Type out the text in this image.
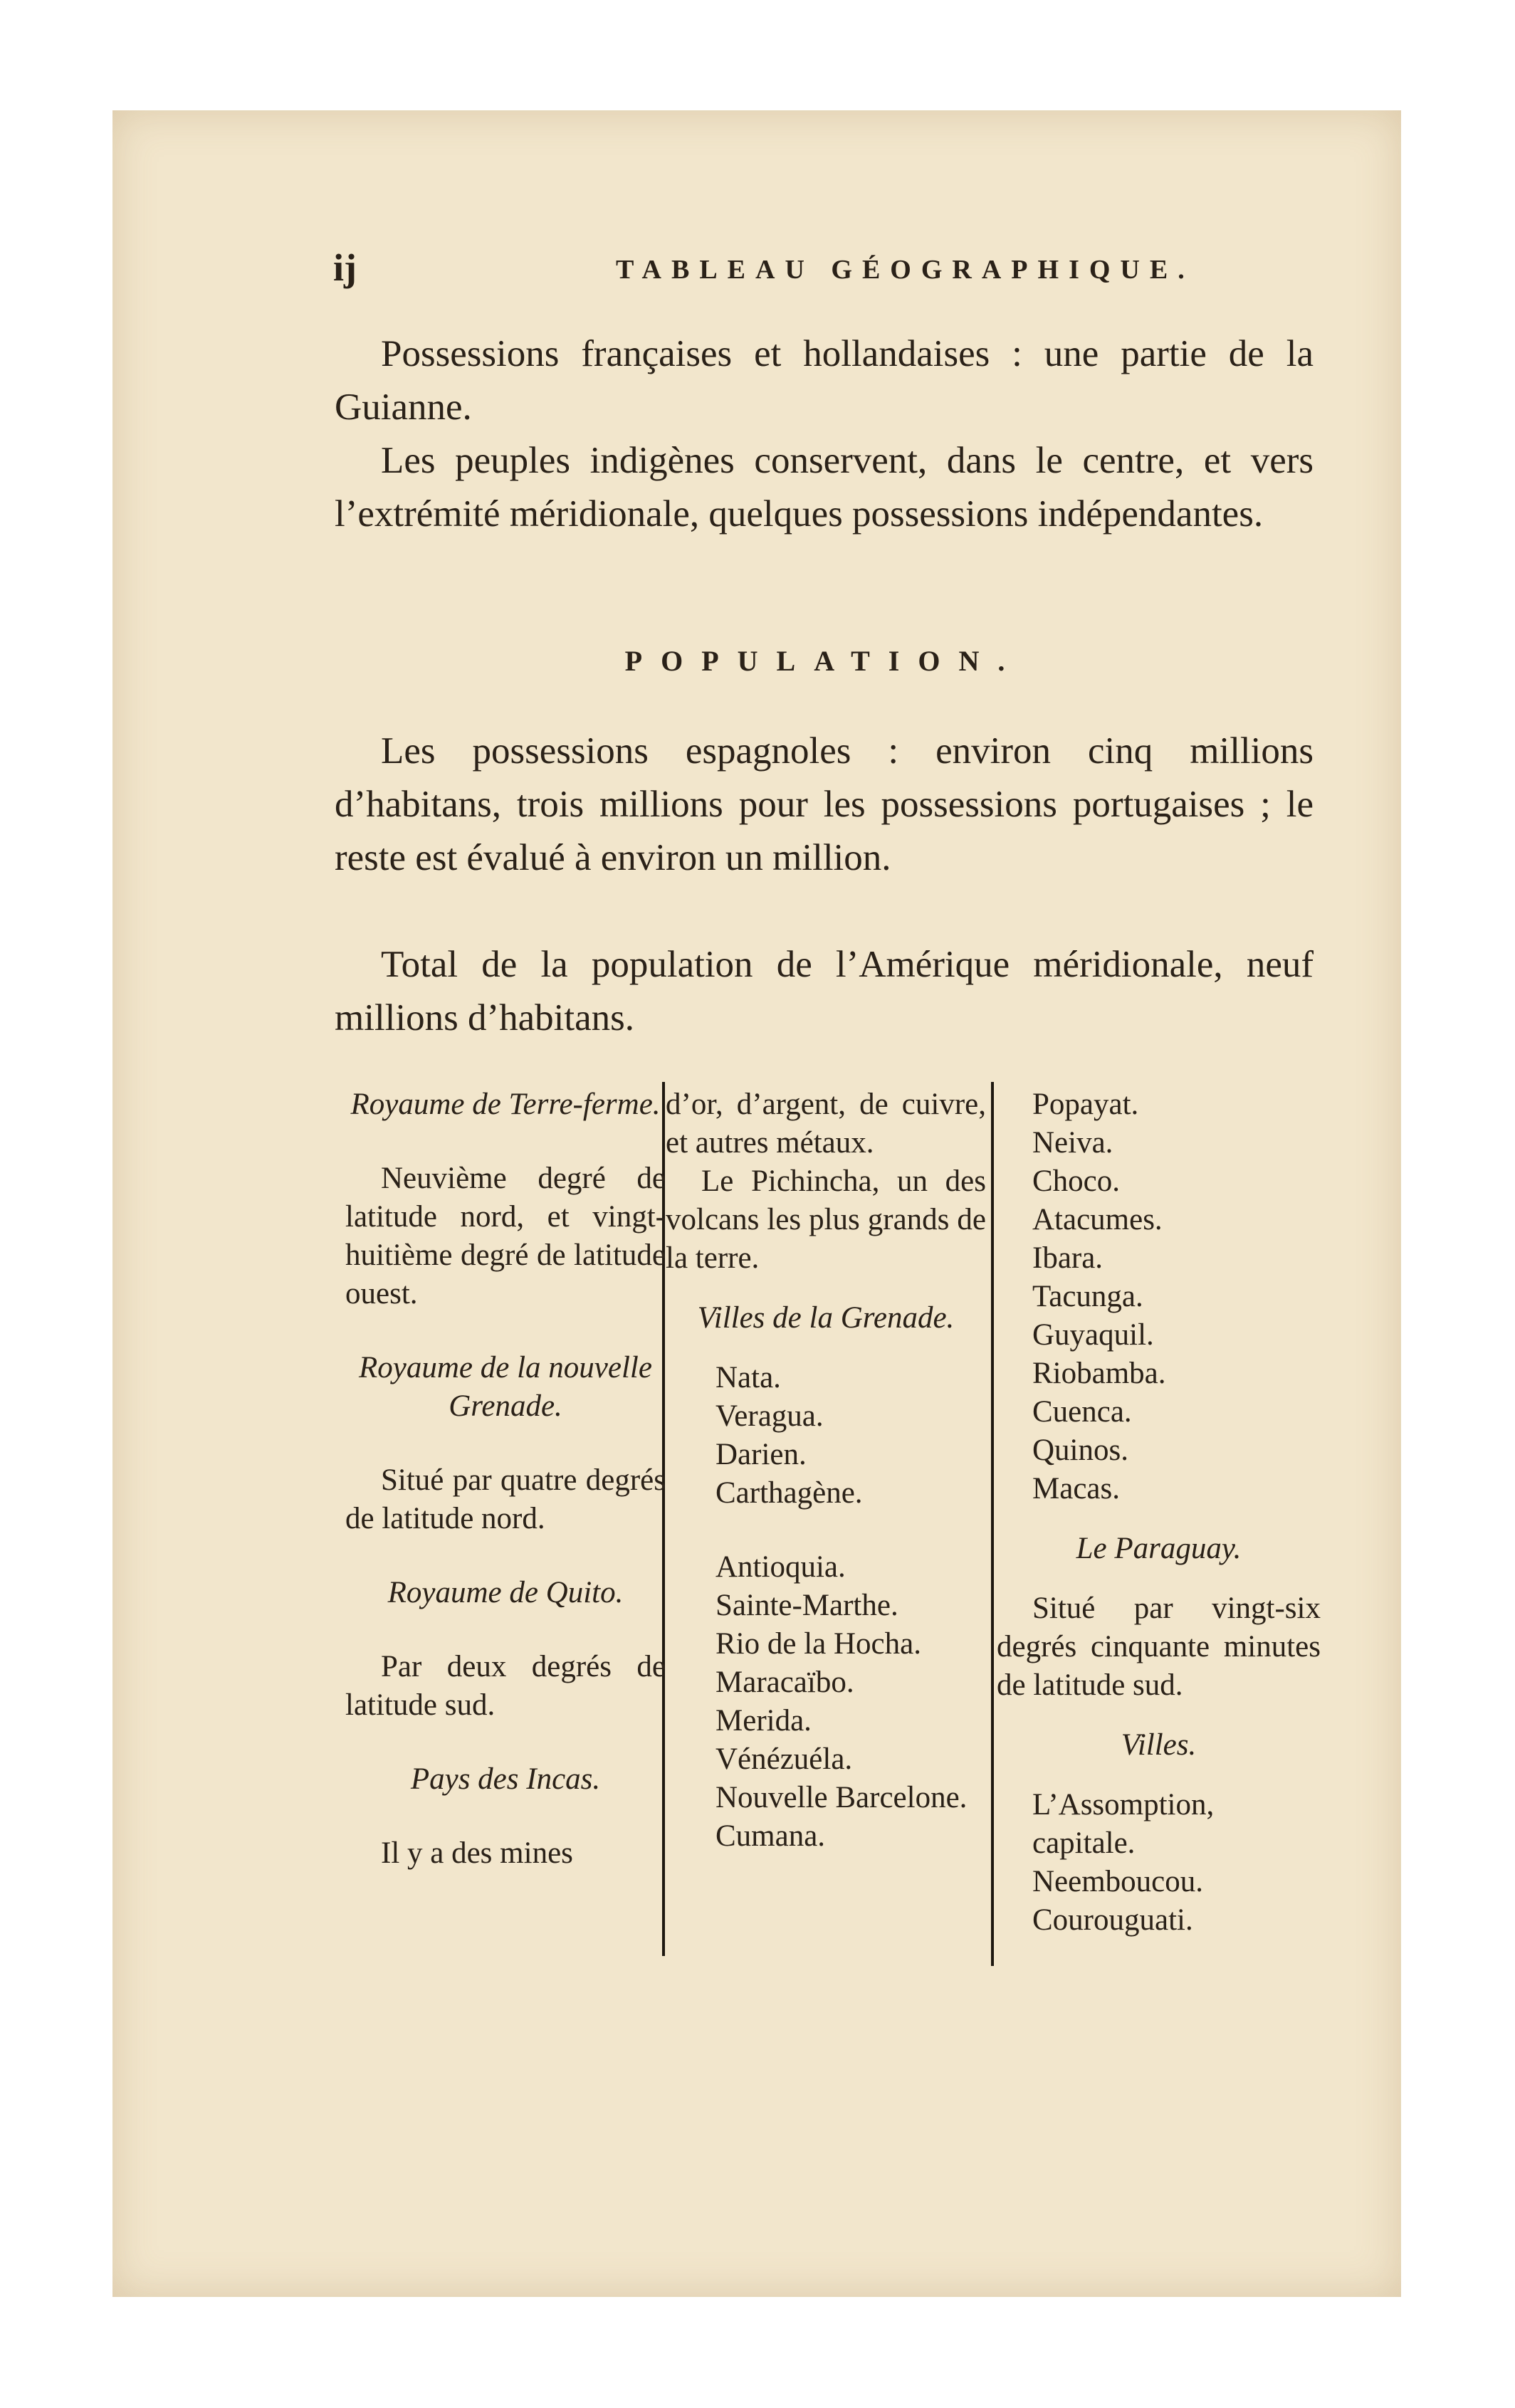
ij	TABLEAU GÉOGRAPHIQUE.
Possessions françaises et hollandaises : une partie de la Guianne.
Les peuples indigènes conservent, dans le centre, et vers l’extrémité méridionale, quelques possessions indépendantes.
POPULATION.
Les possessions espagnoles : environ cinq millions d’habitans, trois millions pour les possessions portugaises ; le reste est évalué à environ un million.
Total de la population de l’Amérique méridionale, neuf millions d’habitans.
Royaume de Terre-ferme.
Neuvième degré de latitude nord, et vingt-huitième degré de latitude ouest.
Royaume de la nouvelle Grenade.
Situé par quatre degrés de latitude nord.
Royaume de Quito.
Par deux degrés de latitude sud.
Pays des Incas.
Il y a des mines
d’or, d’argent, de cuivre, et autres métaux.
Le Pichincha, un des volcans les plus grands de la terre.
Villes de la Grenade.
Nata.
Veragua.
Darien.
Carthagène.
Antioquia.
Sainte-Marthe.
Rio de la Hocha.
Maracaïbo.
Merida.
Vénézuéla.
Nouvelle Barcelone.
Cumana.
Popayat.
Neiva.
Choco.
Atacumes.
Ibara.
Tacunga.
Guyaquil.
Riobamba.
Cuenca.
Quinos.
Macas.
Le Paraguay.
Situé par vingt-six degrés cinquante minutes de latitude sud.
Villes.
L’Assomption, capitale.
Neemboucou.
Courouguati.
